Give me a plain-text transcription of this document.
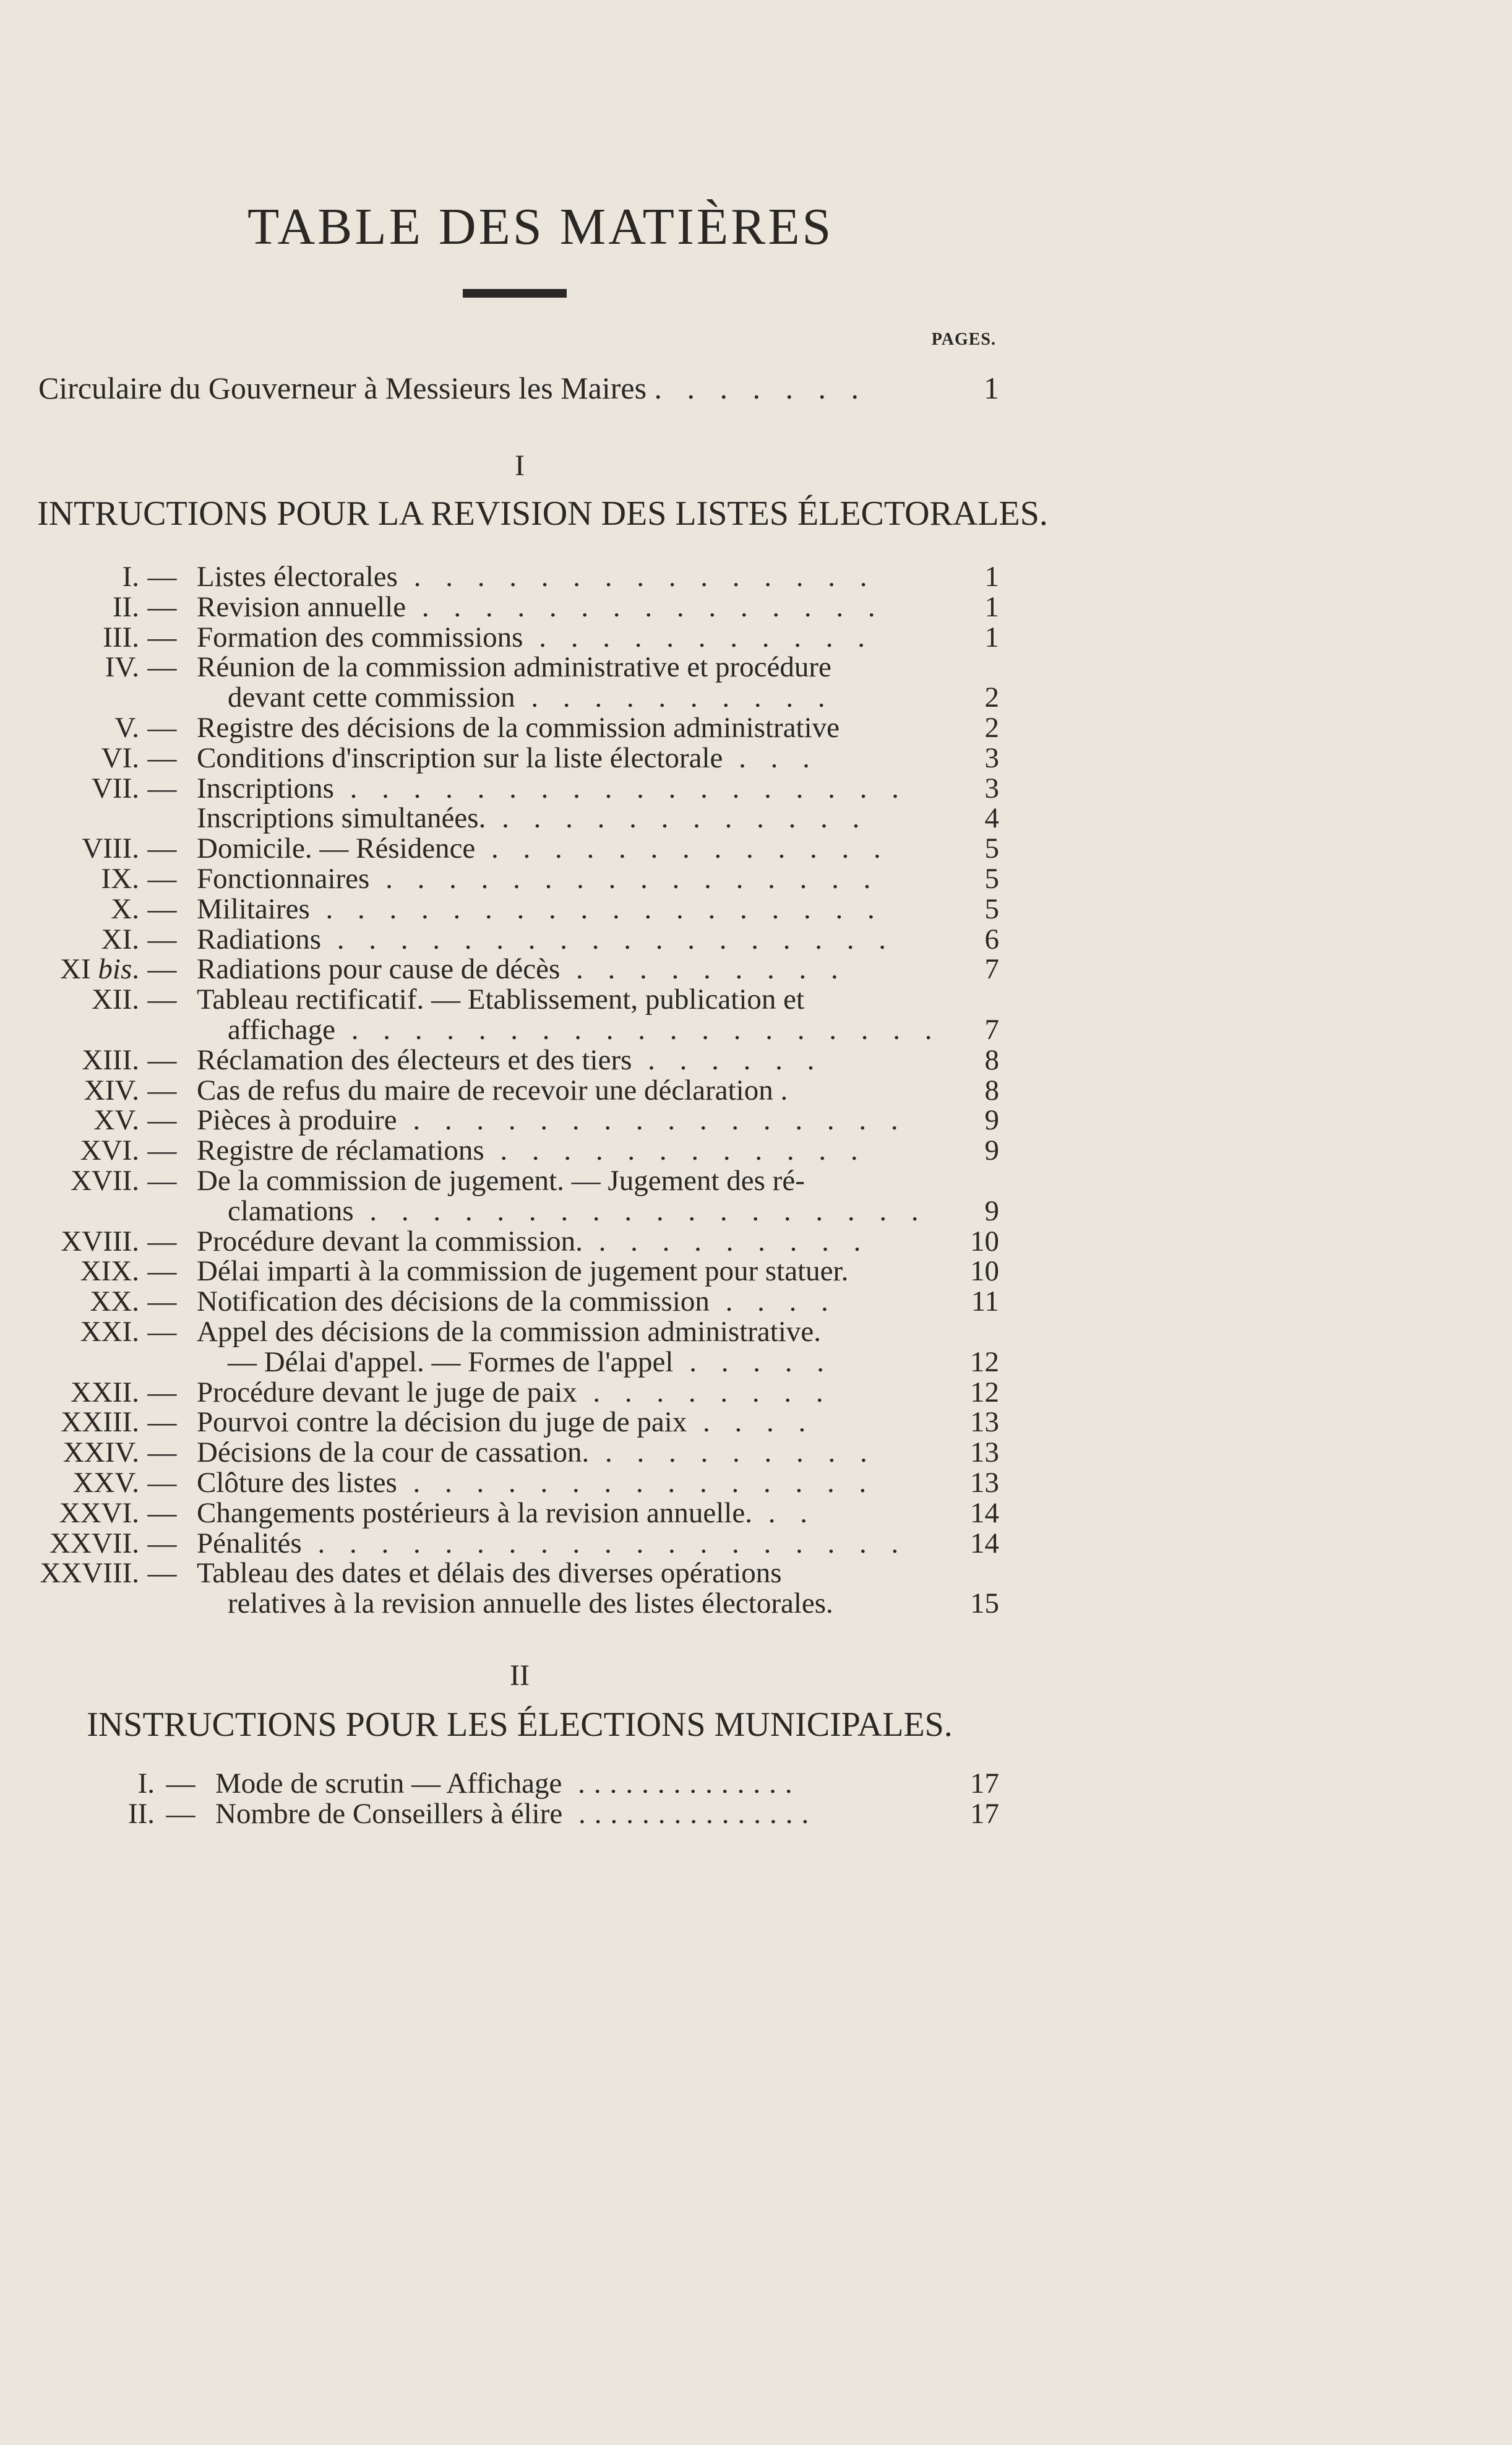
TABLE DES MATIÈRES
PAGES.
Circulaire du Gouverneur à Messieurs les Maires . . . . . . .	1
I
INTRUCTIONS POUR LA REVISION DES LISTES ÉLECTORALES.
I. — Listes électorales . . . . . . . . . . . . . . .	1
II. — Revision annuelle . . . . . . . . . . . . . . .	1
III. — Formation des commissions . . . . . . . . . . .	1
IV. — Réunion de la commission administrative et procédure
devant cette commission . . . . . . . . . .	2
V. — Registre des décisions de la commission administrative	2
VI. — Conditions d'inscription sur la liste électorale . . .	3
VII. — Inscriptions . . . . . . . . . . . . . . . . . .	3
Inscriptions simultanées. . . . . . . . . . . . .	4
VIII. — Domicile. — Résidence . . . . . . . . . . . . .	5
IX. — Fonctionnaires . . . . . . . . . . . . . . . .	5
X. — Militaires . . . . . . . . . . . . . . . . . .	5
XI. — Radiations . . . . . . . . . . . . . . . . . .	6
XI bis. — Radiations pour cause de décès . . . . . . . . .	7
XII. — Tableau rectificatif. — Etablissement, publication et
affichage . . . . . . . . . . . . . . . . . . .	7
XIII. — Réclamation des électeurs et des tiers . . . . . .	8
XIV. — Cas de refus du maire de recevoir une déclaration .	8
XV. — Pièces à produire . . . . . . . . . . . . . . . .	9
XVI. — Registre de réclamations . . . . . . . . . . . .	9
XVII. — De la commission de jugement. — Jugement des ré-
clamations . . . . . . . . . . . . . . . . . .	9
XVIII. — Procédure devant la commission. . . . . . . . . .	10
XIX. — Délai imparti à la commission de jugement pour statuer.	10
XX. — Notification des décisions de la commission . . . .	11
XXI. — Appel des décisions de la commission administrative.
— Délai d'appel. — Formes de l'appel . . . . .	12
XXII. — Procédure devant le juge de paix . . . . . . . .	12
XXIII. — Pourvoi contre la décision du juge de paix . . . .	13
XXIV. — Décisions de la cour de cassation. . . . . . . . . .	13
XXV. — Clôture des listes . . . . . . . . . . . . . . .	13
XXVI. — Changements postérieurs à la revision annuelle. . .	14
XXVII. — Pénalités . . . . . . . . . . . . . . . . . . .	14
XXVIII. — Tableau des dates et délais des diverses opérations
relatives à la revision annuelle des listes électorales.	15
II
INSTRUCTIONS POUR LES ÉLECTIONS MUNICIPALES.
I. — Mode de scrutin — Affichage ..............	17
II. — Nombre de Conseillers à élire ...............	17
